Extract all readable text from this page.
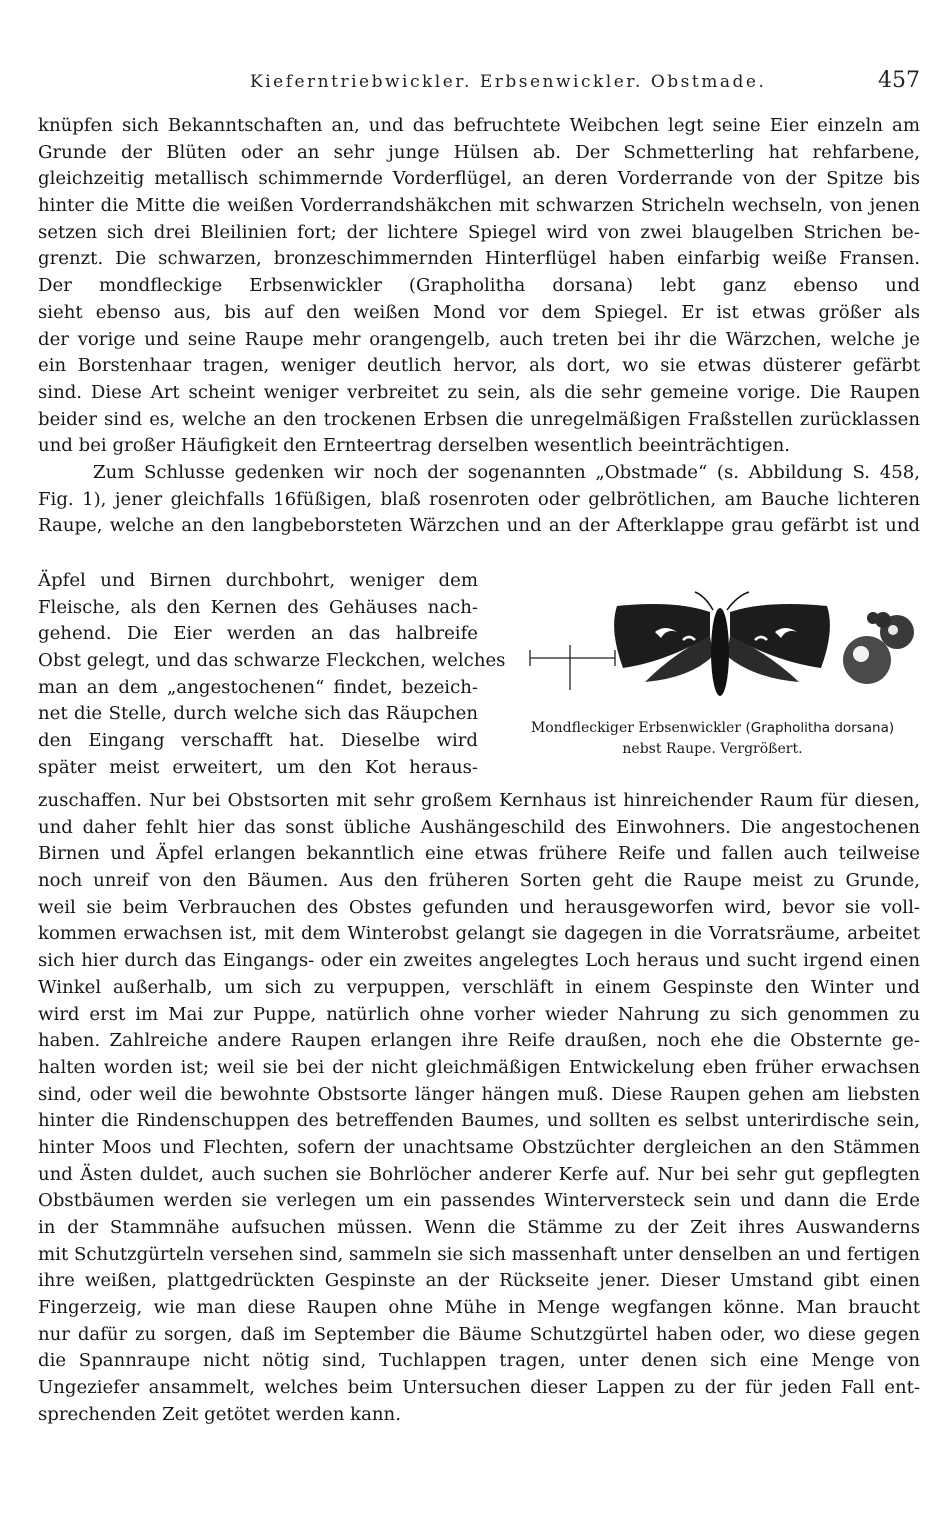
Kieferntriebwickler. Erbsenwickler. Obstmade.	457
knüpfen sich Bekanntschaften an, und das befruchtete Weibchen legt seine Eier einzeln am
Grunde der Blüten oder an sehr junge Hülsen ab. Der Schmetterling hat rehfarbene,
gleichzeitig metallisch schimmernde Vorderflügel, an deren Vorderrande von der Spitze bis
hinter die Mitte die weißen Vorderrandshäkchen mit schwarzen Stricheln wechseln, von jenen
setzen sich drei Bleilinien fort; der lichtere Spiegel wird von zwei blaugelben Strichen be-
grenzt. Die schwarzen, bronzeschimmernden Hinterflügel haben einfarbig weiße Fransen.
Der mondfleckige Erbsenwickler (Grapholitha dorsana) lebt ganz ebenso und
sieht ebenso aus, bis auf den weißen Mond vor dem Spiegel. Er ist etwas größer als
der vorige und seine Raupe mehr orangengelb, auch treten bei ihr die Wärzchen, welche je
ein Borstenhaar tragen, weniger deutlich hervor, als dort, wo sie etwas düsterer gefärbt
sind. Diese Art scheint weniger verbreitet zu sein, als die sehr gemeine vorige. Die Raupen
beider sind es, welche an den trockenen Erbsen die unregelmäßigen Fraßstellen zurücklassen
und bei großer Häufigkeit den Ernteertrag derselben wesentlich beeinträchtigen.
Zum Schlusse gedenken wir noch der sogenannten „Obstmade“ (s. Abbildung S. 458,
Fig. 1), jener gleichfalls 16füßigen, blaß rosenroten oder gelbrötlichen, am Bauche lichteren
Raupe, welche an den langbeborsteten Wärzchen und an der Afterklappe grau gefärbt ist und
Äpfel und Birnen durchbohrt, weniger dem
Fleische, als den Kernen des Gehäuses nach-
gehend. Die Eier werden an das halbreife
Obst gelegt, und das schwarze Fleckchen, welches
man an dem „angestochenen“ findet, bezeich-
net die Stelle, durch welche sich das Räupchen
den Eingang verschafft hat. Dieselbe wird
später meist erweitert, um den Kot heraus-
Mondfleckiger Erbsenwickler (Grapholitha dorsana)
nebst Raupe. Vergrößert.
zuschaffen. Nur bei Obstsorten mit sehr großem Kernhaus ist hinreichender Raum für diesen,
und daher fehlt hier das sonst übliche Aushängeschild des Einwohners. Die angestochenen
Birnen und Äpfel erlangen bekanntlich eine etwas frühere Reife und fallen auch teilweise
noch unreif von den Bäumen. Aus den früheren Sorten geht die Raupe meist zu Grunde,
weil sie beim Verbrauchen des Obstes gefunden und herausgeworfen wird, bevor sie voll-
kommen erwachsen ist, mit dem Winterobst gelangt sie dagegen in die Vorratsräume, arbeitet
sich hier durch das Eingangs- oder ein zweites angelegtes Loch heraus und sucht irgend einen
Winkel außerhalb, um sich zu verpuppen, verschläft in einem Gespinste den Winter und
wird erst im Mai zur Puppe, natürlich ohne vorher wieder Nahrung zu sich genommen zu
haben. Zahlreiche andere Raupen erlangen ihre Reife draußen, noch ehe die Obsternte ge-
halten worden ist; weil sie bei der nicht gleichmäßigen Entwickelung eben früher erwachsen
sind, oder weil die bewohnte Obstsorte länger hängen muß. Diese Raupen gehen am liebsten
hinter die Rindenschuppen des betreffenden Baumes, und sollten es selbst unterirdische sein,
hinter Moos und Flechten, sofern der unachtsame Obstzüchter dergleichen an den Stämmen
und Ästen duldet, auch suchen sie Bohrlöcher anderer Kerfe auf. Nur bei sehr gut gepflegten
Obstbäumen werden sie verlegen um ein passendes Winterversteck sein und dann die Erde
in der Stammnähe aufsuchen müssen. Wenn die Stämme zu der Zeit ihres Auswanderns
mit Schutzgürteln versehen sind, sammeln sie sich massenhaft unter denselben an und fertigen
ihre weißen, plattgedrückten Gespinste an der Rückseite jener. Dieser Umstand gibt einen
Fingerzeig, wie man diese Raupen ohne Mühe in Menge wegfangen könne. Man braucht
nur dafür zu sorgen, daß im September die Bäume Schutzgürtel haben oder, wo diese gegen
die Spannraupe nicht nötig sind, Tuchlappen tragen, unter denen sich eine Menge von
Ungeziefer ansammelt, welches beim Untersuchen dieser Lappen zu der für jeden Fall ent-
sprechenden Zeit getötet werden kann.
